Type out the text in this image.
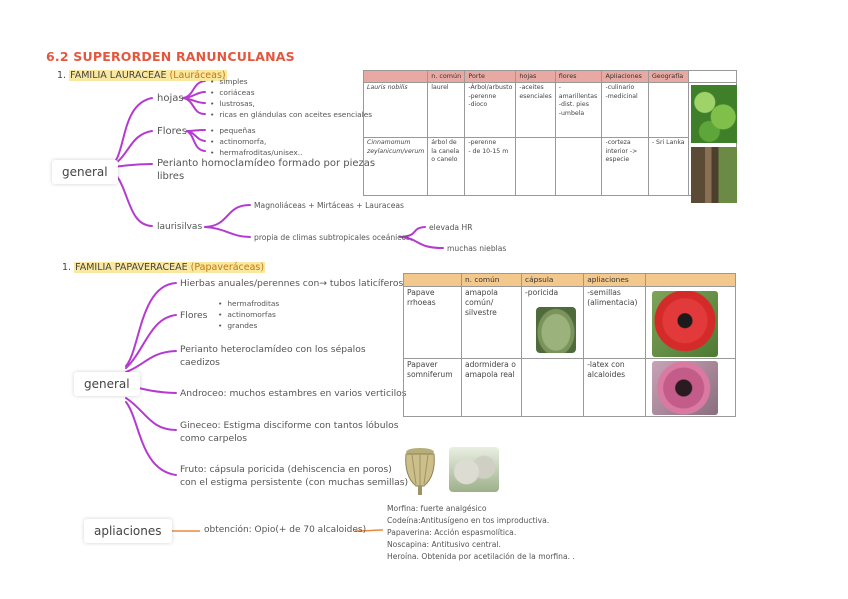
6.2 SUPERORDEN RANUNCULANAS
1. FAMILIA LAURACEAE (Lauráceas)
general
hojas
• simples
• coriáceas
• lustrosas,
• ricas en glándulas con aceites esenciales
Flores	• pequeñas
• actinomorfa,
• hermafroditas/unisex..
Perianto homoclamídeo formado por piezas
libres
laurisilvas
Magnoliáceas + Mirtáceas + Lauraceas
propia de climas subtropicales oceánicos,
elevada HR
muchas nieblas
	n. común	Porte	hojas	flores	Apliaciones	Geografía	
Lauris nobilis	laurel	-Árbol/arbusto
-perenne
-dioco	-aceites
esenciales	-
amarillentas
-dist. pies
-umbela	-culinario
-medicinal		

Cinnamomum
zeylanicum/verum	árbol de
la canela
o canelo	-perenne
- de 10-15 m			-corteza
interior ->
especie	- Sri Lanka	
1. FAMILIA PAPAVERACEAE (Papaveráceas)
general
Hierbas anuales/perennes con→ tubos laticíferos
Flores
• hermafroditas
• actinomorfas
• grandes
Perianto heteroclamídeo con los sépalos
caedizos
Androceo: muchos estambres en varios verticilos
Gineceo: Estigma disciforme con tantos lóbulos
como carpelos
Fruto: cápsula poricida (dehiscencia en poros)
con el estigma persistente (con muchas semillas)
	n. común	cápsula	apliaciones	
Papave
rrhoeas	amapola
común/
silvestre	-poricida	-semillas
(alimentacia)	

Papaver
somniferum	adormidera o
amapola real		-latex con
alcaloides	
apliaciones	obtención: Opio(+ de 70 alcaloides)
Morfina: fuerte analgésico
Codeína:Antitusígeno en tos improductiva.
Papaverina: Acción espasmolítica.
Noscapina: Antitusivo central.
Heroína. Obtenida por acetilación de la morfina. .
